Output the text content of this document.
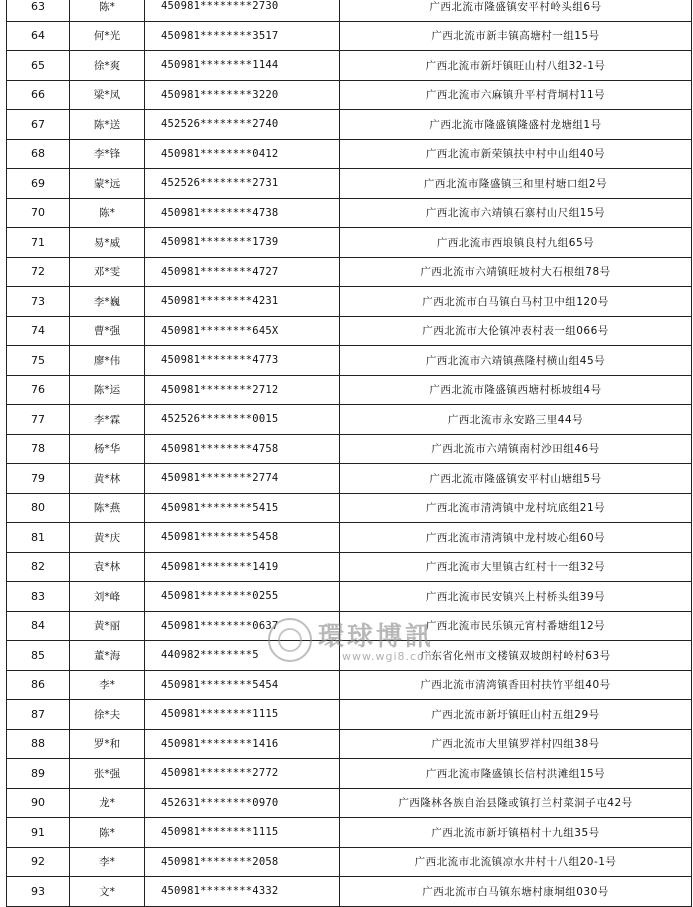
63	陈*	450981********2730	广西北流市隆盛镇安平村岭头组6号
64	何*光	450981********3517	广西北流市新丰镇高塘村一组15号
65	徐*爽	450981********1144	广西北流市新圩镇旺山村八组32-1号
66	梁*凤	450981********3220	广西北流市六麻镇升平村背垌村11号
67	陈*送	452526********2740	广西北流市隆盛镇隆盛村龙塘组1号
68	李*锋	450981********0412	广西北流市新荣镇扶中村中山组40号
69	蒙*远	452526********2731	广西北流市隆盛镇三和里村塘口组2号
70	陈*	450981********4738	广西北流市六靖镇石寨村山尺组15号
71	易*威	450981********1739	广西北流市西埌镇良村九组65号
72	邓*雯	450981********4727	广西北流市六靖镇旺坡村大石根组78号
73	李*巍	450981********4231	广西北流市白马镇白马村卫中组120号
74	曹*强	450981********645X	广西北流市大伦镇冲表村表一组066号
75	廖*伟	450981********4773	广西北流市六靖镇燕隆村横山组45号
76	陈*运	450981********2712	广西北流市隆盛镇西塘村栎坡组4号
77	李*霖	452526********0015	广西北流市永安路三里44号
78	杨*华	450981********4758	广西北流市六靖镇南村沙田组46号
79	黄*林	450981********2774	广西北流市隆盛镇安平村山塘组5号
80	陈*燕	450981********5415	广西北流市清湾镇中龙村坑底组21号
81	黄*庆	450981********5458	广西北流市清湾镇中龙村坡心组60号
82	袁*林	450981********1419	广西北流市大里镇古红村十一组32号
83	刘*峰	450981********0255	广西北流市民安镇兴上村桥头组39号
84	黄*丽	450981********0637	广西北流市民乐镇元宵村番塘组12号
85	董*海	440982********5	广东省化州市文楼镇双坡朗村岭村63号
86	李*	450981********5454	广西北流市清湾镇香田村扶竹平组40号
87	徐*夫	450981********1115	广西北流市新圩镇旺山村五组29号
88	罗*和	450981********1416	广西北流市大里镇罗祥村四组38号
89	张*强	450981********2772	广西北流市隆盛镇长信村洪滩组15号
90	龙*	452631********0970	广西隆林各族自治县隆或镇打兰村菜洞子屯42号
91	陈*	450981********1115	广西北流市新圩镇梧村十九组35号
92	李*	450981********2058	广西北流市北流镇凉水井村十八组20-1号
93	文*	450981********4332	广西北流市白马镇东塘村康垌组030号
環球博訊
www.wgi8.com
